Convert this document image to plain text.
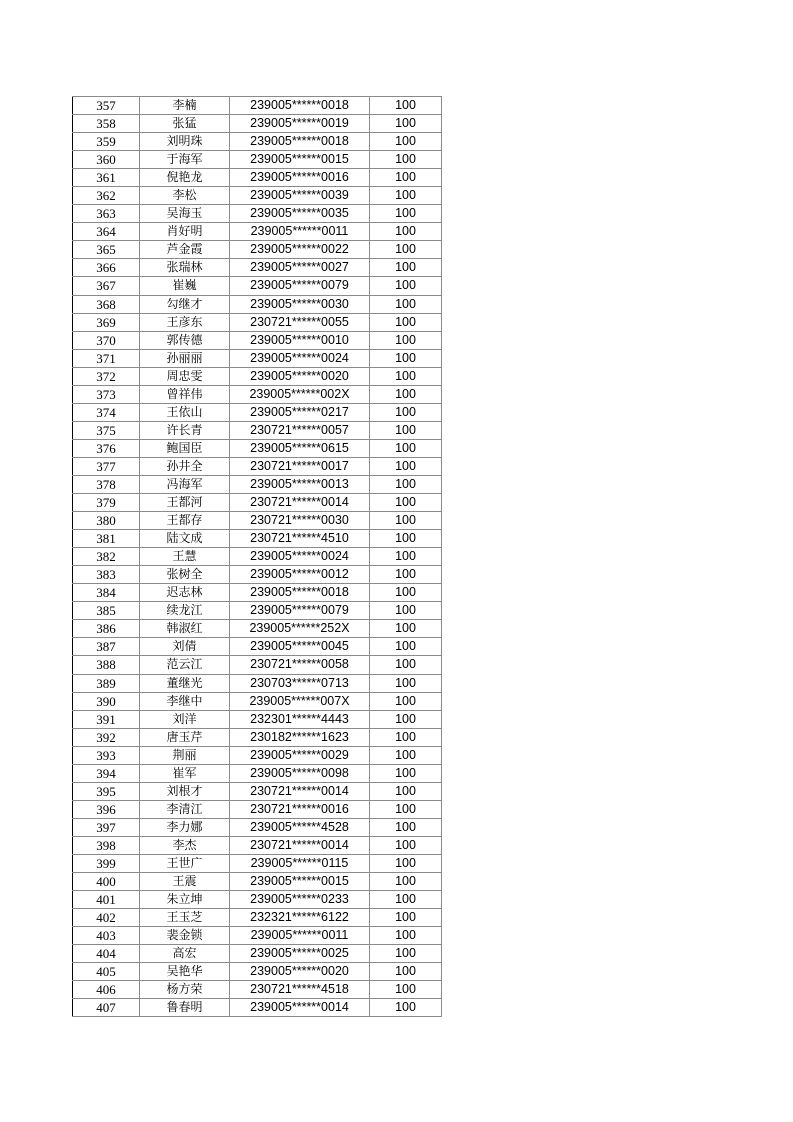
357	李楠	239005******0018	100
358	张猛	239005******0019	100
359	刘明珠	239005******0018	100
360	于海军	239005******0015	100
361	倪艳龙	239005******0016	100
362	李松	239005******0039	100
363	吴海玉	239005******0035	100
364	肖好明	239005******0011	100
365	芦金霞	239005******0022	100
366	张瑞林	239005******0027	100
367	崔巍	239005******0079	100
368	勾继才	239005******0030	100
369	王彦东	230721******0055	100
370	郭传德	239005******0010	100
371	孙丽丽	239005******0024	100
372	周忠雯	239005******0020	100
373	曾祥伟	239005******002X	100
374	王依山	239005******0217	100
375	许长青	230721******0057	100
376	鲍国臣	239005******0615	100
377	孙井全	230721******0017	100
378	冯海军	239005******0013	100
379	王都河	230721******0014	100
380	王都存	230721******0030	100
381	陆文成	230721******4510	100
382	王慧	239005******0024	100
383	张树全	239005******0012	100
384	迟志林	239005******0018	100
385	续龙江	239005******0079	100
386	韩淑红	239005******252X	100
387	刘倩	239005******0045	100
388	范云江	230721******0058	100
389	董继光	230703******0713	100
390	李继中	239005******007X	100
391	刘洋	232301******4443	100
392	唐玉芹	230182******1623	100
393	荆丽	239005******0029	100
394	崔军	239005******0098	100
395	刘根才	230721******0014	100
396	李清江	230721******0016	100
397	李力娜	239005******4528	100
398	李杰	230721******0014	100
399	王世广	239005******0115	100
400	王震	239005******0015	100
401	朱立坤	239005******0233	100
402	王玉芝	232321******6122	100
403	裴金锁	239005******0011	100
404	高宏	239005******0025	100
405	吴艳华	239005******0020	100
406	杨方荣	230721******4518	100
407	鲁春明	239005******0014	100
